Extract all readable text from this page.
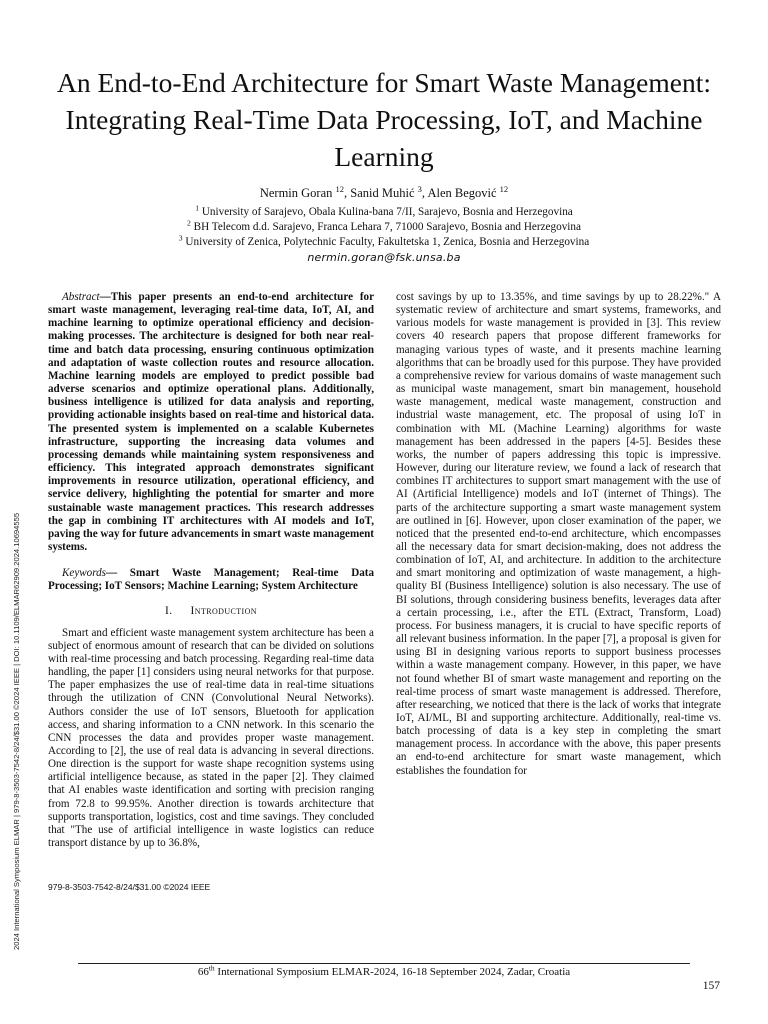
An End-to-End Architecture for Smart Waste Management: Integrating Real-Time Data Processing, IoT, and Machine Learning
Nermin Goran $^{12}$, Sanid Muhić $^3$, Alen Begović $^{12}$
$^1$ University of Sarajevo, Obala Kulina-bana 7/II, Sarajevo, Bosnia and Herzegovina
$^2$ BH Telecom d.d. Sarajevo, Franca Lehara 7, 71000 Sarajevo, Bosnia and Herzegovina
$^3$ University of Zenica, Polytechnic Faculty, Fakultetska 1, Zenica, Bosnia and Herzegovina
nermin.goran@fsk.unsa.ba

Abstract—This paper presents an end-to-end architecture for smart waste management, leveraging real-time data, IoT, AI, and machine learning to optimize operational efficiency and decision-making processes. The architecture is designed for both near real-time and batch data processing, ensuring continuous optimization and adaptation of waste collection routes and resource allocation. Machine learning models are employed to predict possible bad adverse scenarios and optimize operational plans. Additionally, business intelligence is utilized for data analysis and reporting, providing actionable insights based on real-time and historical data. The presented system is implemented on a scalable Kubernetes infrastructure, supporting the increasing data volumes and processing demands while maintaining system responsiveness and efficiency. This integrated approach demonstrates significant improvements in resource utilization, operational efficiency, and service delivery, highlighting the potential for smarter and more sustainable waste management practices. This research addresses the gap in combining IT architectures with AI models and IoT, paving the way for future advancements in smart waste management systems.

Keywords— Smart Waste Management; Real-time Data Processing; IoT Sensors; Machine Learning; System Architecture

I. Introduction

Smart and efficient waste management system architecture has been a subject of enormous amount of research that can be divided on solutions with real-time processing and batch processing. Regarding real-time data handling, the paper [1] considers using neural networks for that purpose. The paper emphasizes the use of real-time data in real-time situations through the utilization of CNN (Convolutional Neural Networks). Authors consider the use of IoT sensors, Bluetooth for application access, and sharing information to a CNN network. In this scenario the CNN processes the data and provides proper waste management. According to [2], the use of real data is advancing in several directions. One direction is the support for waste shape recognition systems using artificial intelligence because, as stated in the paper [2]. They claimed that AI enables waste identification and sorting with precision ranging from 72.8 to 99.95%. Another direction is towards architecture that supports transportation, logistics, cost and time savings. They concluded that "The use of artificial intelligence in waste logistics can reduce transport distance by up to 36.8%,

cost savings by up to 13.35%, and time savings by up to 28.22%." A systematic review of architecture and smart systems, frameworks, and various models for waste management is provided in [3]. This review covers 40 research papers that propose different frameworks for managing various types of waste, and it presents machine learning algorithms that can be broadly used for this purpose. They have provided a comprehensive review for various domains of waste management such as municipal waste management, smart bin management, household waste management, medical waste management, construction and industrial waste management, etc. The proposal of using IoT in combination with ML (Machine Learning) algorithms for waste management has been addressed in the papers [4-5]. Besides these works, the number of papers addressing this topic is impressive. However, during our literature review, we found a lack of research that combines IT architectures to support smart management with the use of AI (Artificial Intelligence) models and IoT (internet of Things). The parts of the architecture supporting a smart waste management system are outlined in [6]. However, upon closer examination of the paper, we noticed that the presented end-to-end architecture, which encompasses all the necessary data for smart decision-making, does not address the combination of IoT, AI, and architecture. In addition to the architecture and smart monitoring and optimization of waste management, a high-quality BI (Business Intelligence) solution is also necessary. The use of BI solutions, through considering business benefits, leverages data after a certain processing, i.e., after the ETL (Extract, Transform, Load) process. For business managers, it is crucial to have specific reports of all relevant business information. In the paper [7], a proposal is given for using BI in designing various reports to support business processes within a waste management company. However, in this paper, we have not found whether BI of smart waste management and reporting on the real-time process of smart waste management is addressed. Therefore, after researching, we noticed that there is the lack of works that integrate IoT, AI/ML, BI and supporting architecture. Additionally, real-time vs. batch processing of data is a key step in completing the smart management process. In accordance with the above, this paper presents an end-to-end architecture for smart waste management, which establishes the foundation for

979-8-3503-7542-8/24/$31.00 ©2024 IEEE
2024 International Symposium ELMAR | 979-8-3503-7542-8/24/$31.00 ©2024 IEEE | DOI: 10.1109/ELMAR62909.2024.10694555
66th International Symposium ELMAR-2024, 16-18 September 2024, Zadar, Croatia
157
